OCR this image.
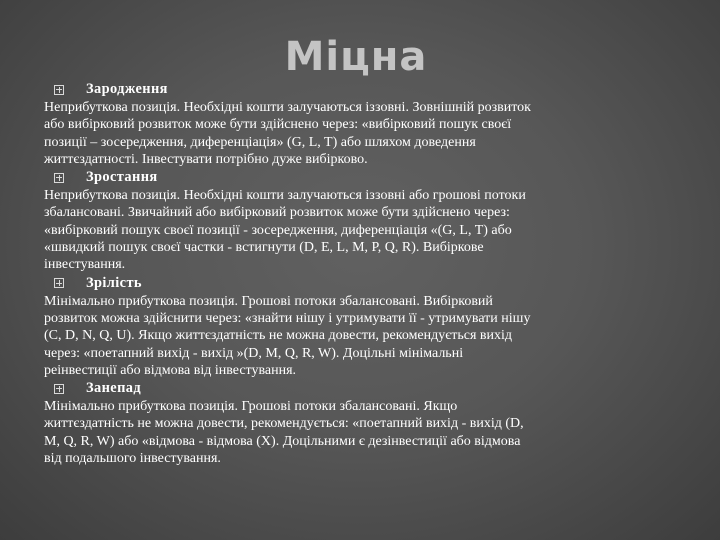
Міцна
Зародження
Неприбуткова позиція. Необхідні кошти залучаються іззовні. Зовнішній розвиток
або вибірковий розвиток може бути здійснено через: «вибірковий пошук своєї
позиції – зосередження, диференціація» (G, L, T) або шляхом доведення
життєздатності. Інвестувати потрібно дуже вибірково.
Зростання
Неприбуткова позиція. Необхідні кошти залучаються іззовні або грошові потоки
збалансовані. Звичайний або вибірковий розвиток може бути здійснено через:
«вибірковий пошук своєї позиції - зосередження, диференціація «(G, L, T) або
«швидкий пошук своєї частки - встигнути (D, E, L, M, P, Q, R). Вибіркове
інвестування.
Зрілість
Мінімально прибуткова позиція. Грошові потоки збалансовані. Вибірковий
розвиток можна здійснити через: «знайти нішу і утримувати її - утримувати нішу
(C, D, N, Q, U). Якщо життєздатність не можна довести, рекомендується вихід
через: «поетапний вихід - вихід »(D, M, Q, R, W). Доцільні мінімальні
реінвестиції або відмова від інвестування.
Занепад
Мінімально прибуткова позиція. Грошові потоки збалансовані. Якщо
життєздатність не можна довести, рекомендується: «поетапний вихід - вихід (D,
M, Q, R, W) або «відмова - відмова (X). Доцільними є дезінвестиції або відмова
від подальшого інвестування.
